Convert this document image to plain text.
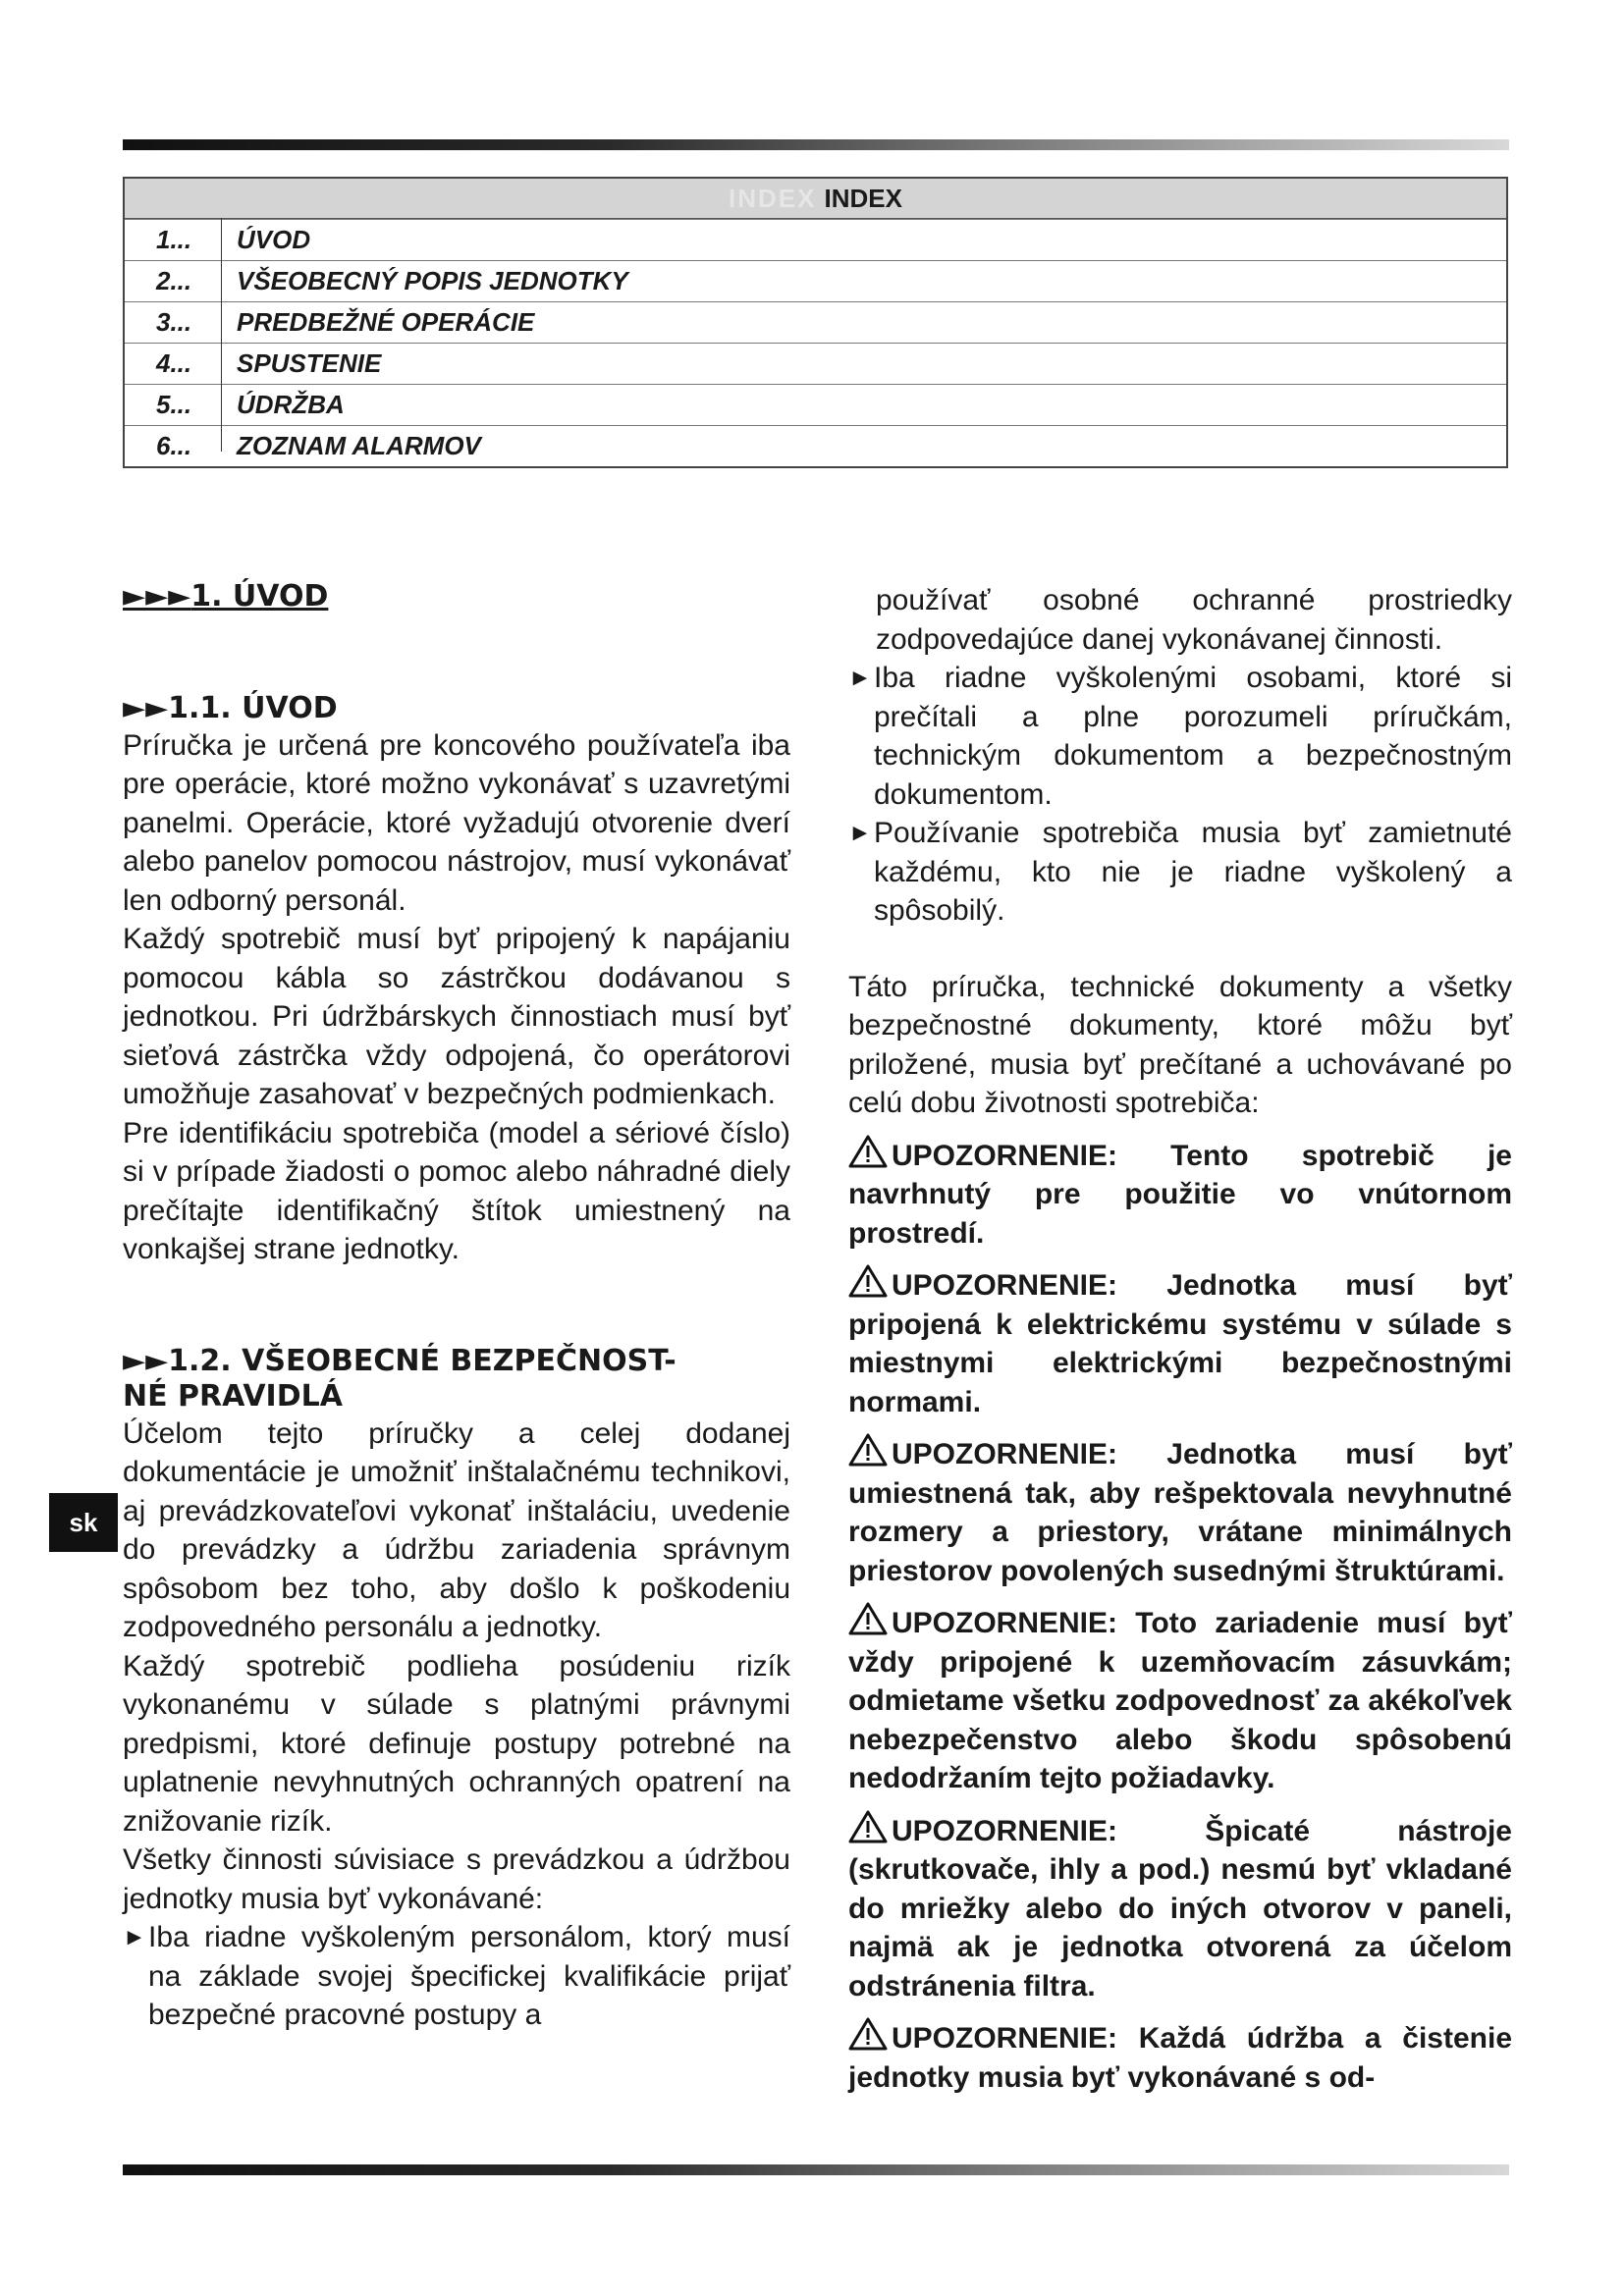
INDEX INDEX
1...	ÚVOD
2...	VŠEOBECNÝ POPIS JEDNOTKY
3...	PREDBEŽNÉ OPERÁCIE
4...	SPUSTENIE
5...	ÚDRŽBA
6...	ZOZNAM ALARMOV

►►►1. ÚVOD

►►1.1. ÚVOD

Príručka je určená pre koncového používateľa iba pre operácie, ktoré možno vykonávať s uzavretými panelmi. Operácie, ktoré vyžadujú otvorenie dverí alebo panelov pomocou nástrojov, musí vykonávať len odborný personál.

Každý spotrebič musí byť pripojený k napájaniu pomocou kábla so zástrčkou dodávanou s jednotkou. Pri údržbárskych činnostiach musí byť sieťová zástrčka vždy odpojená, čo operátorovi umožňuje zasahovať v bezpečných podmienkach.

Pre identifikáciu spotrebiča (model a sériové číslo) si v prípade žiadosti o pomoc alebo náhradné diely prečítajte identifikačný štítok umiestnený na vonkajšej strane jednotky.

►►1.2. VŠEOBECNÉ BEZPEČNOST-
NÉ PRAVIDLÁ

Účelom tejto príručky a celej dodanej dokumentácie je umožniť inštalačnému technikovi, aj prevádzkovateľovi vykonať inštaláciu, uvedenie do prevádzky a údržbu zariadenia správnym spôsobom bez toho, aby došlo k poškodeniu zodpovedného personálu a jednotky.

Každý spotrebič podlieha posúdeniu rizík vykonanému v súlade s platnými právnymi predpismi, ktoré definuje postupy potrebné na uplatnenie nevyhnutných ochranných opatrení na znižovanie rizík.

Všetky činnosti súvisiace s prevádzkou a údržbou jednotky musia byť vykonávané:

► Iba riadne vyškoleným personálom, ktorý musí na základe svojej špecifickej kvalifikácie prijať bezpečné pracovné postupy a

používať osobné ochranné prostriedky zodpovedajúce danej vykonávanej činnosti.

► Iba riadne vyškolenými osobami, ktoré si prečítali a plne porozumeli príručkám, technickým dokumentom a bezpečnostným dokumentom.
► Používanie spotrebiča musia byť zamietnuté každému, kto nie je riadne vyškolený a spôsobilý.

Táto príručka, technické dokumenty a všetky bezpečnostné dokumenty, ktoré môžu byť priložené, musia byť prečítané a uchovávané po celú dobu životnosti spotrebiča:

UPOZORNENIE: Tento spotrebič je navrhnutý pre použitie vo vnútornom prostredí.

UPOZORNENIE: Jednotka musí byť pripojená k elektrickému systému v súlade s miestnymi elektrickými bezpečnostnými normami.

UPOZORNENIE: Jednotka musí byť umiestnená tak, aby rešpektovala nevyhnutné rozmery a priestory, vrátane minimálnych priestorov povolených susednými štruktúrami.

UPOZORNENIE: Toto zariadenie musí byť vždy pripojené k uzemňovacím zásuvkám; odmietame všetku zodpovednosť za akékoľvek nebezpečenstvo alebo škodu spôsobenú nedodržaním tejto požiadavky.

UPOZORNENIE: Špicaté nástroje (skrutkovače, ihly a pod.) nesmú byť vkladané do mriežky alebo do iných otvorov v paneli, najmä ak je jednotka otvorená za účelom odstránenia filtra.

UPOZORNENIE: Každá údržba a čistenie jednotky musia byť vykonávané s od-

sk
